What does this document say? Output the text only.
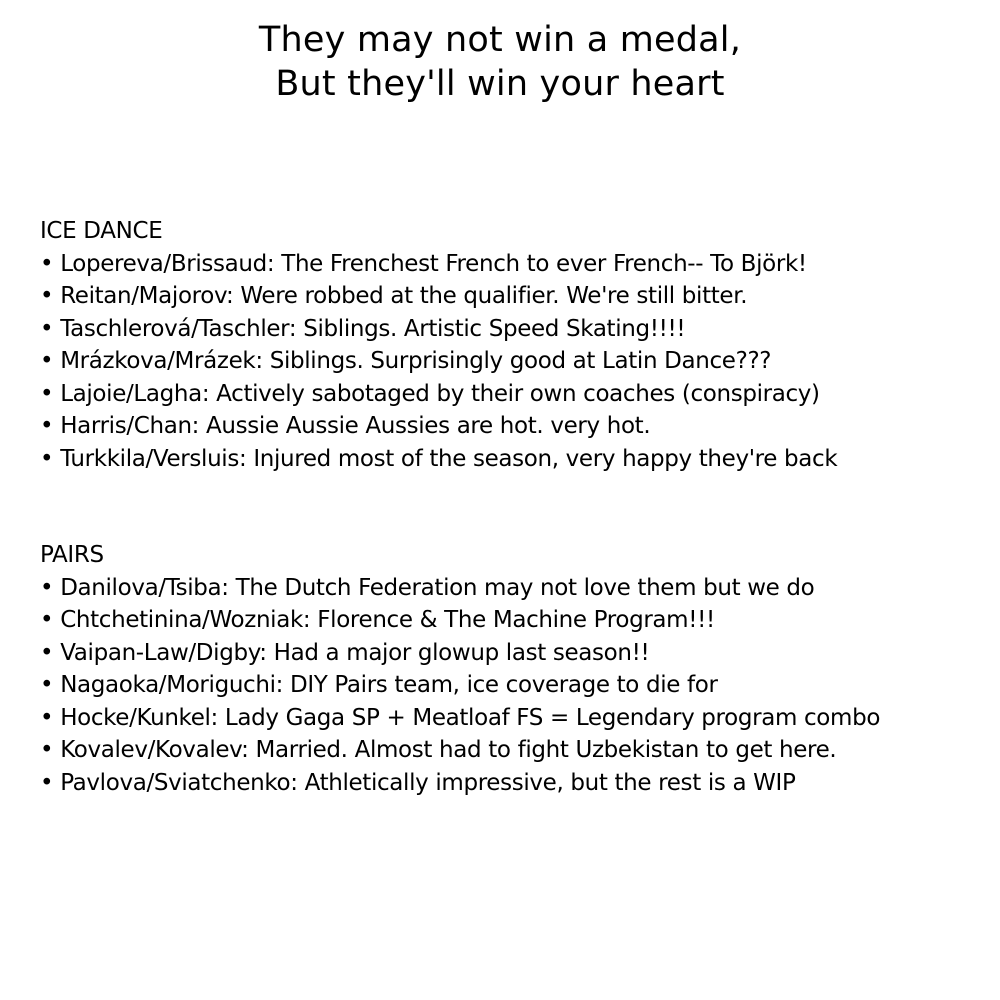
They may not win a medal,
But they'll win your heart
ICE DANCE
• Lopereva/Brissaud: The Frenchest French to ever French-- To Björk!
• Reitan/Majorov: Were robbed at the qualifier. We're still bitter.
• Taschlerová/Taschler: Siblings. Artistic Speed Skating!!!!
• Mrázkova/Mrázek: Siblings. Surprisingly good at Latin Dance???
• Lajoie/Lagha: Actively sabotaged by their own coaches (conspiracy)
• Harris/Chan: Aussie Aussie Aussies are hot. very hot.
• Turkkila/Versluis: Injured most of the season, very happy they're back
PAIRS
• Danilova/Tsiba: The Dutch Federation may not love them but we do
• Chtchetinina/Wozniak: Florence & The Machine Program!!!
• Vaipan-Law/Digby: Had a major glowup last season!!
• Nagaoka/Moriguchi: DIY Pairs team, ice coverage to die for
• Hocke/Kunkel: Lady Gaga SP + Meatloaf FS = Legendary program combo
• Kovalev/Kovalev: Married. Almost had to fight Uzbekistan to get here.
• Pavlova/Sviatchenko: Athletically impressive, but the rest is a WIP
